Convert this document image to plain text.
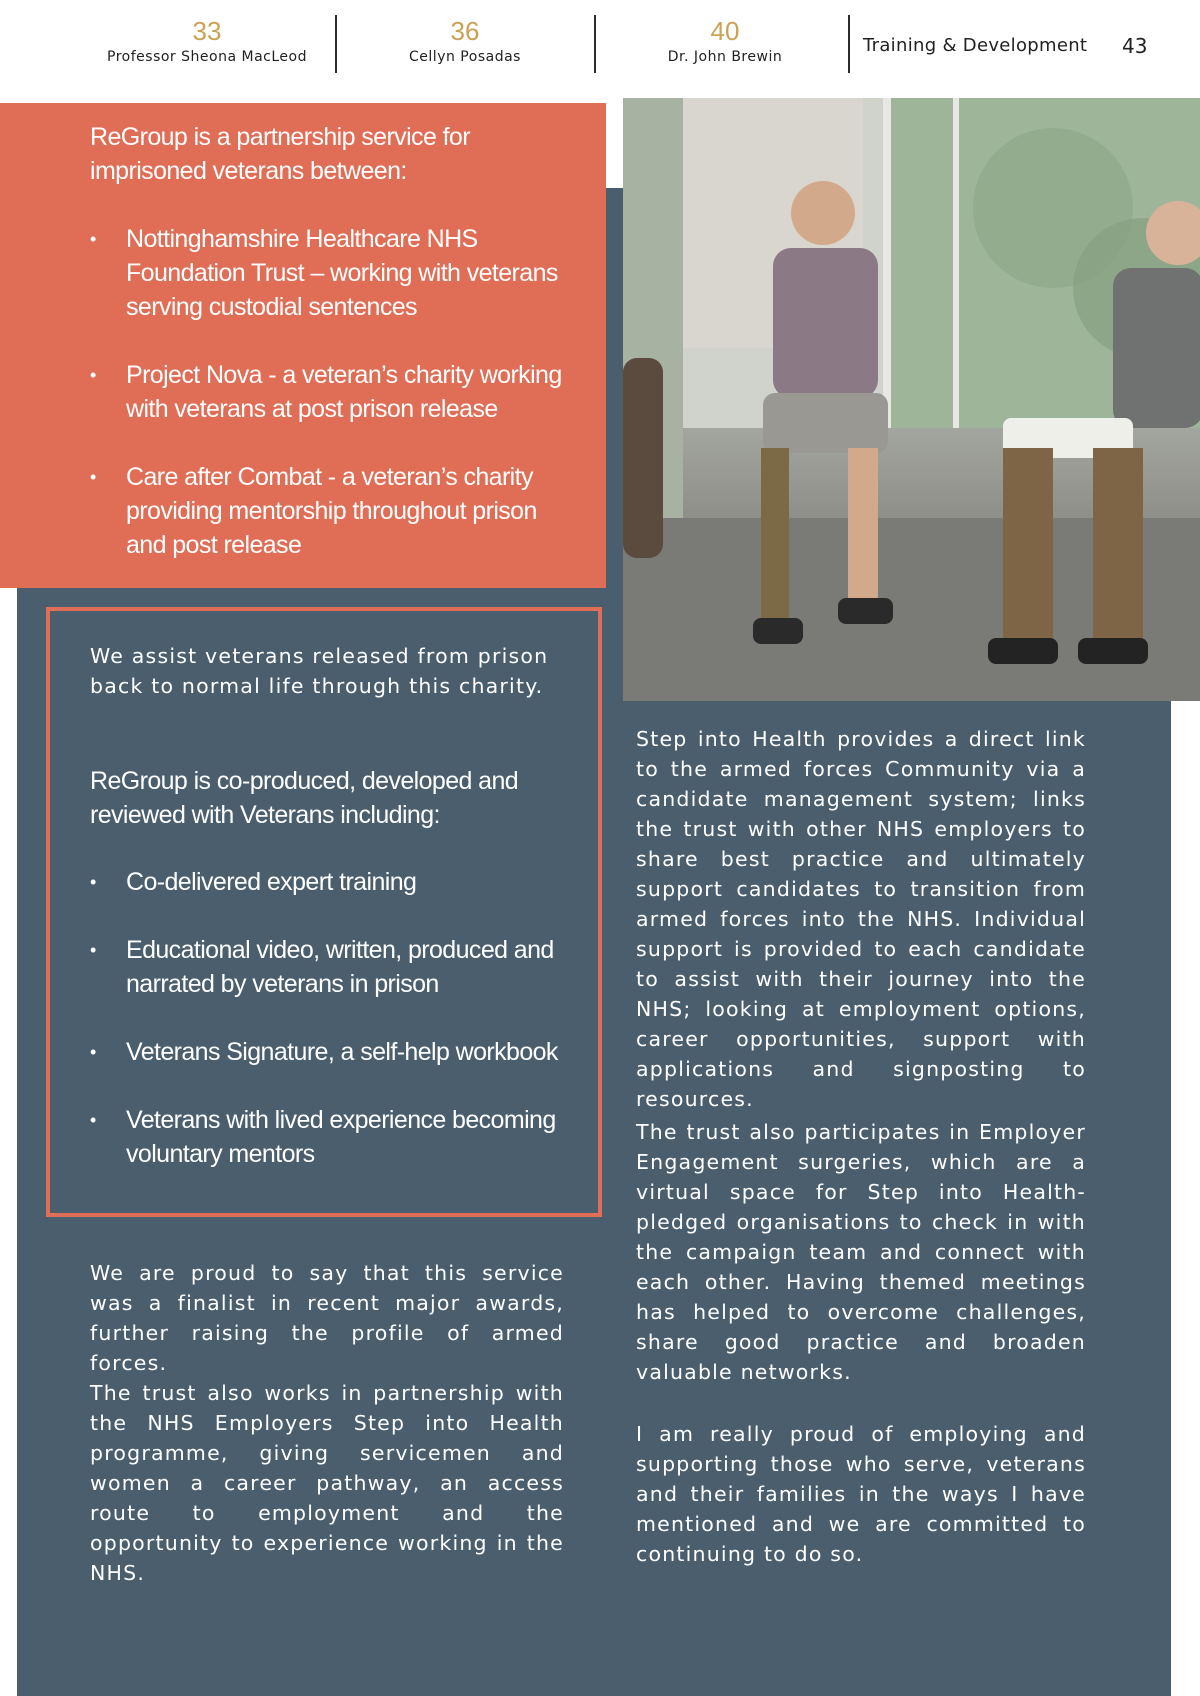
33
Professor Sheona MacLeod
36
Cellyn Posadas
40
Dr. John Brewin
Training & Development 43
ReGroup is a partnership service for imprisoned veterans between:
• Nottinghamshire Healthcare NHS Foundation Trust – working with veterans serving custodial sentences
• Project Nova - a veteran’s charity working with veterans at post prison release
• Care after Combat - a veteran’s charity providing mentorship throughout prison and post release

We assist veterans released from prison back to normal life through this charity.

ReGroup is co-produced, developed and reviewed with Veterans including:
• Co-delivered expert training
• Educational video, written, produced and narrated by veterans in prison
• Veterans Signature, a self-help workbook
• Veterans with lived experience becoming voluntary mentors

We are proud to say that this service was a finalist in recent major awards, further raising the profile of armed forces.

The trust also works in partnership with the NHS Employers Step into Health programme, giving servicemen and women a career pathway, an access route to employment and the opportunity to experience working in the NHS.

Step into Health provides a direct link to the armed forces Community via a candidate management system; links the trust with other NHS employers to share best practice and ultimately support candidates to transition from armed forces into the NHS. Individual support is provided to each candidate to assist with their journey into the NHS; looking at employment options, career opportunities, support with applications and signposting to resources.

The trust also participates in Employer Engagement surgeries, which are a virtual space for Step into Health-pledged organisations to check in with the campaign team and connect with each other. Having themed meetings has helped to overcome challenges, share good practice and broaden valuable networks.

I am really proud of employing and supporting those who serve, veterans and their families in the ways I have mentioned and we are committed to continuing to do so.
